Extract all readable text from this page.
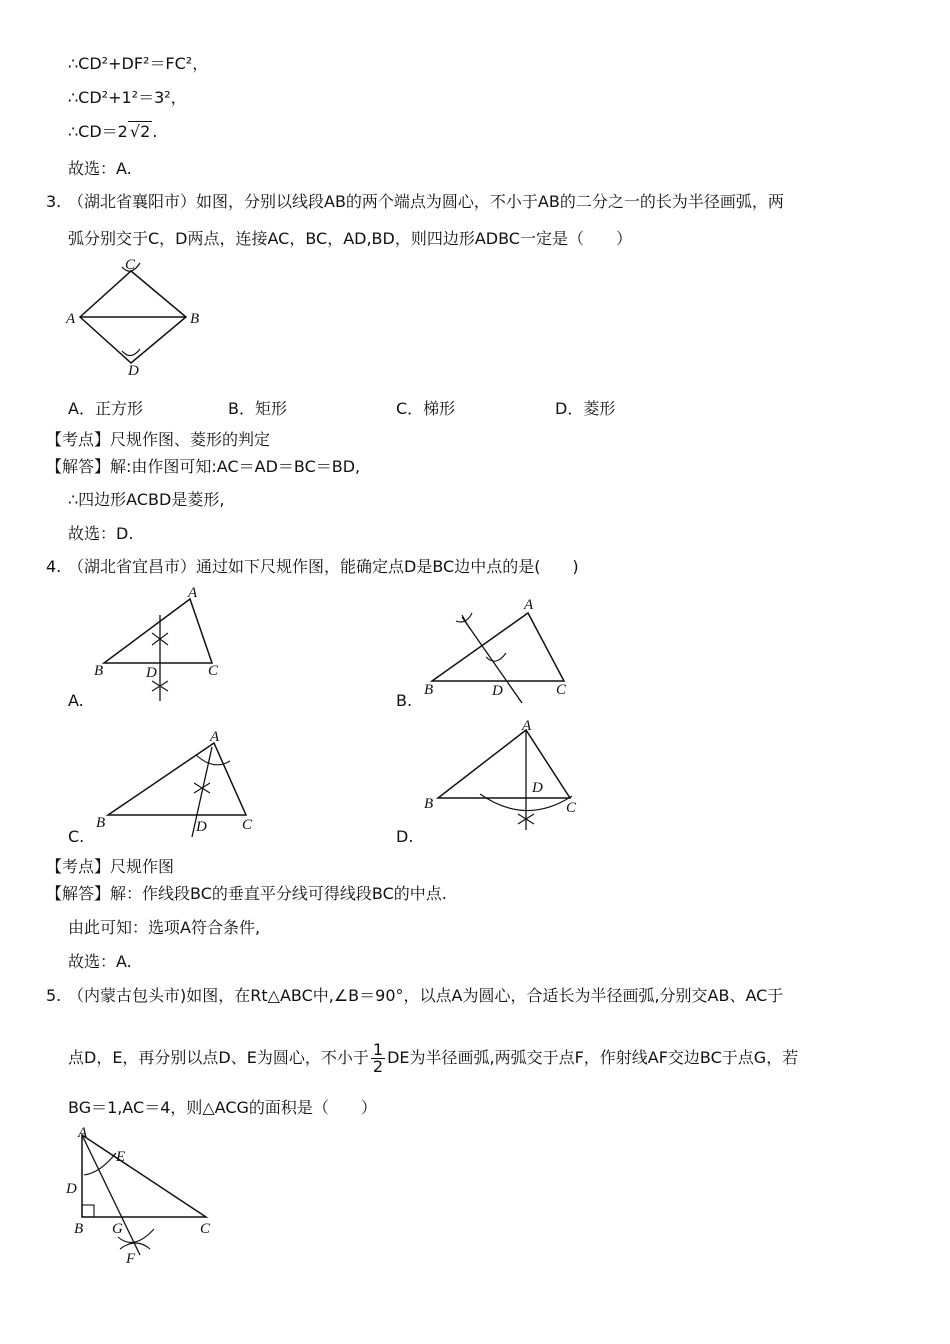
∴CD²+DF²＝FC²，
∴CD²+1²＝3²，
∴CD＝2 √2 .
故选：A.
3. （湖北省襄阳市）如图，分别以线段AB的两个端点为圆心，不小于AB的二分之一的长为半径画弧，两
弧分别交于C，D两点，连接AC，BC，AD,BD，则四边形ADBC一定是（　　）
C
A	B
D
A．正方形	B．矩形	C．梯形	D．菱形
【考点】尺规作图、菱形的判定
【解答】解:由作图可知:AC＝AD＝BC＝BD,
∴四边形ACBD是菱形,
故选：D.
4. （湖北省宜昌市）通过如下尺规作图，能确定点D是BC边中点的是(　　)
A
B	D	C
A.
A
B	D	C
B.
A
B	D C
C.
A
B
D
C
D.
【考点】尺规作图
【解答】解：作线段BC的垂直平分线可得线段BC的中点.
由此可知：选项A符合条件,
故选：A.
5. （内蒙古包头市)如图，在Rt△ABC中,∠B＝90°，以点A为圆心，合适长为半径画弧,分别交AB、AC于
点D，E，再分别以点D、E为圆心，不小于 $\frac{1}{2}$ DE为半径画弧,两弧交于点F，作射线AF交边BC于点G，若
BG＝1,AC＝4，则△ACG的面积是（　　）
A
E
D
B G	C
F
